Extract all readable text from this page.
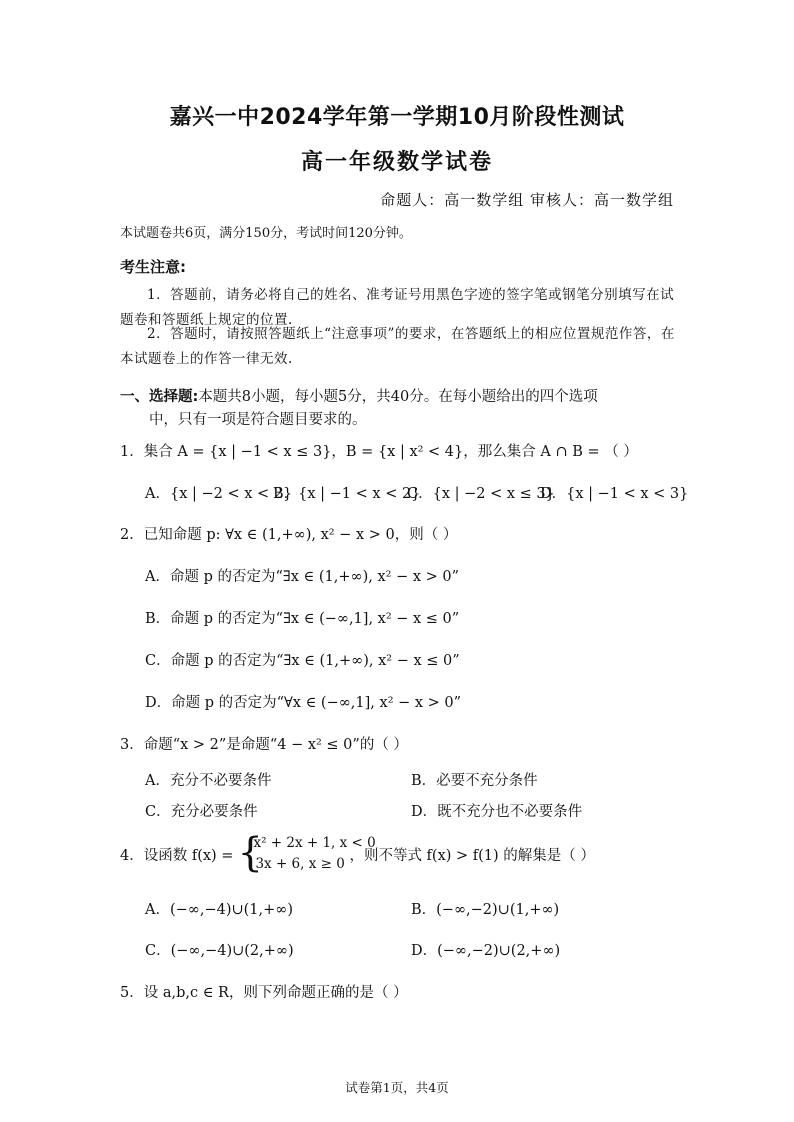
嘉兴一中2024学年第一学期10月阶段性测试
高一年级数学试卷
命题人：高一数学组 审核人：高一数学组
本试题卷共6页，满分150分，考试时间120分钟。
考生注意:
1．答题前，请务必将自己的姓名、准考证号用黑色字迹的签字笔或钢笔分别填写在试题卷和答题纸上规定的位置.
2．答题时，请按照答题纸上“注意事项”的要求，在答题纸上的相应位置规范作答，在本试题卷上的作答一律无效.
一、选择题:本题共8小题，每小题5分，共40分。在每小题给出的四个选项
中，只有一项是符合题目要求的。
1．集合 A = {x | −1 < x ≤ 3}，B = {x | x² < 4}，那么集合 A ∩ B = （ ）
A．{x | −2 < x < 2}
B．{x | −1 < x < 2}
C．{x | −2 < x ≤ 3}
D．{x | −1 < x < 3}
2．已知命题 p: ∀x ∈ (1,+∞), x² − x > 0，则（ ）
A．命题 p 的否定为“∃x ∈ (1,+∞), x² − x > 0”
B．命题 p 的否定为“∃x ∈ (−∞,1], x² − x ≤ 0”
C．命题 p 的否定为“∃x ∈ (1,+∞), x² − x ≤ 0”
D．命题 p 的否定为“∀x ∈ (−∞,1], x² − x > 0”
3．命题“x > 2”是命题“4 − x² ≤ 0”的（ ）
A．充分不必要条件	B．必要不充分条件
C．充分必要条件	D．既不充分也不必要条件
4．设函数 f(x) = {
x² + 2x + 1, x < 0
3x + 6, x ≥ 0 ，则不等式 f(x) > f(1) 的解集是（ ）
A．(−∞,−4)∪(1,+∞)	B．(−∞,−2)∪(1,+∞)
C．(−∞,−4)∪(2,+∞)	D．(−∞,−2)∪(2,+∞)
5．设 a,b,c ∈ R，则下列命题正确的是（ ）
试卷第1页，共4页
